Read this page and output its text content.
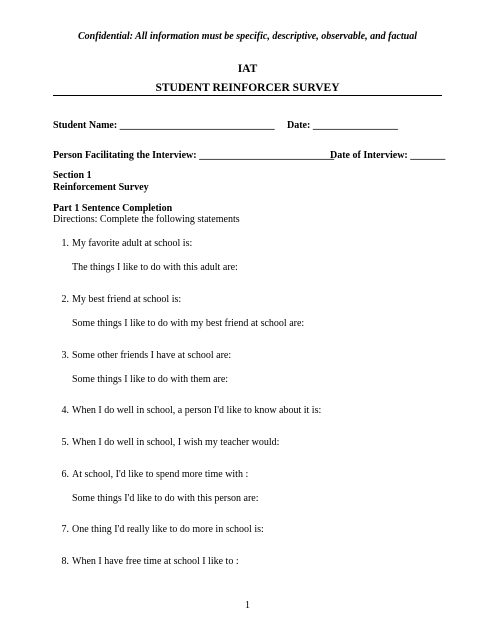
Confidential: All information must be specific, descriptive, observable, and factual
IAT
STUDENT REINFORCER SURVEY
Student Name: _______________________________ Date: _________________
Person Facilitating the Interview: ___________________________
Date of Interview: _______
Section 1
Reinforcement Survey
Part 1 Sentence Completion
Directions: Complete the following statements
1. My favorite adult at school is:
The things I like to do with this adult are:
2. My best friend at school is:
Some things I like to do with my best friend at school are:
3. Some other friends I have at school are:
Some things I like to do with them are:
4. When I do well in school, a person I'd like to know about it is:
5. When I do well in school, I wish my teacher would:
6. At school, I'd like to spend more time with :
Some things I'd like to do with this person are:
7. One thing I'd really like to do more in school is:
8. When I have free time at school I like to :
1
